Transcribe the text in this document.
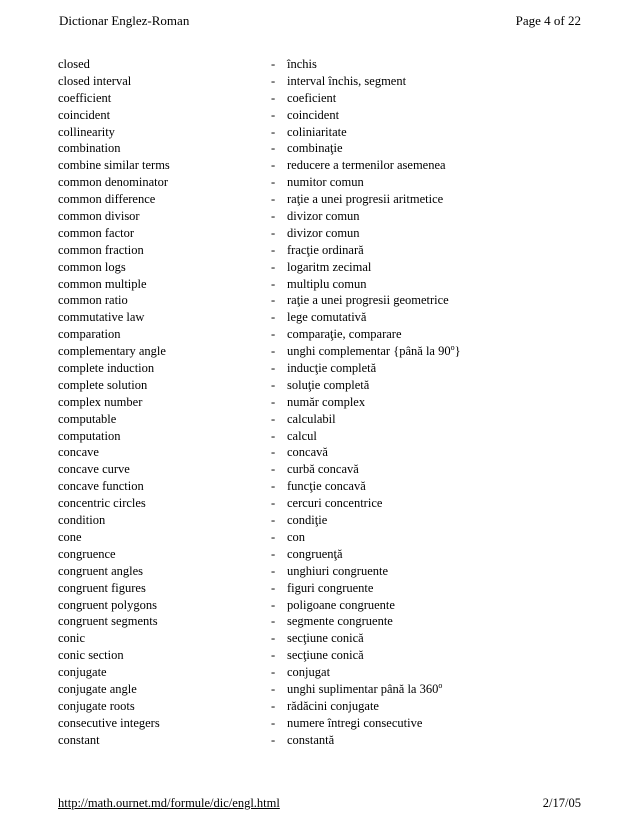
Dictionar Englez-Roman	Page 4 of 22
closed	- închis
closed interval	- interval închis, segment
coefficient	- coeficient
coincident	- coincident
collinearity	- coliniaritate
combination	- combinaţie
combine similar terms	- reducere a termenilor asemenea
common denominator	- numitor comun
common difference	- raţie a unei progresii aritmetice
common divisor	- divizor comun
common factor	- divizor comun
common fraction	- fracţie ordinară
common logs	- logaritm zecimal
common multiple	- multiplu comun
common ratio	- raţie a unei progresii geometrice
commutative law	- lege comutativă
comparation	- comparaţie, comparare
complementary angle	- unghi complementar {până la 90$^o$}
complete induction	- inducţie completă
complete solution	- soluţie completă
complex number	- număr complex
computable	- calculabil
computation	- calcul
concave	- concavă
concave curve	- curbă concavă
concave function	- funcţie concavă
concentric circles	- cercuri concentrice
condition	- condiţie
cone	- con
congruence	- congruenţă
congruent angles	- unghiuri congruente
congruent figures	- figuri congruente
congruent polygons	- poligoane congruente
congruent segments	- segmente congruente
conic	- secţiune conică
conic section	- secţiune conică
conjugate	- conjugat
conjugate angle	- unghi suplimentar până la 360$^o$
conjugate roots	- rădăcini conjugate
consecutive integers	- numere întregi consecutive
constant	- constantă
http://math.ournet.md/formule/dic/engl.html	2/17/05
